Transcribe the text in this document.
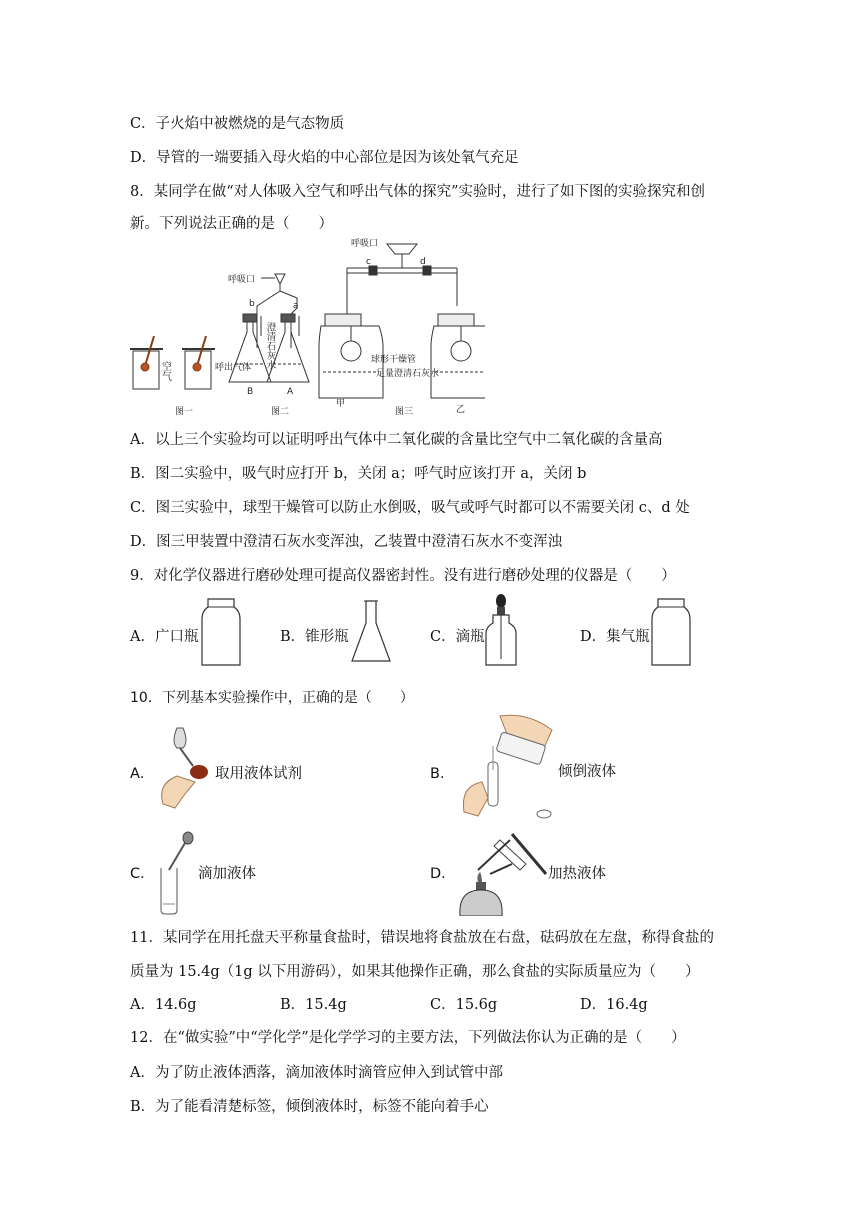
C．子火焰中被燃烧的是气态物质
D．导管的一端要插入母火焰的中心部位是因为该处氧气充足
8．某同学在做“对人体吸入空气和呼出气体的探究”实验时，进行了如下图的实验探究和创
新。下列说法正确的是（　　）
空气	呼出气体
图一
呼吸口
b	a
澄清石灰水
B	A
图二
呼吸口
c	d
球形干燥管
足量澄清石灰水
甲
乙
图三
A．以上三个实验均可以证明呼出气体中二氧化碳的含量比空气中二氧化碳的含量高
B．图二实验中，吸气时应打开 b，关闭 a；呼气时应该打开 a，关闭 b
C．图三实验中，球型干燥管可以防止水倒吸，吸气或呼气时都可以不需要关闭 c、d 处
D．图三甲装置中澄清石灰水变浑浊，乙装置中澄清石灰水不变浑浊
9．对化学仪器进行磨砂处理可提高仪器密封性。没有进行磨砂处理的仪器是（　　）
A．广口瓶	B．锥形瓶	C．滴瓶	D．集气瓶
10．下列基本实验操作中，正确的是（　　）
A．	取用液体试剂	B．	倾倒液体
C．	滴加液体	D．	加热液体
11．某同学在用托盘天平称量食盐时，错误地将食盐放在右盘，砝码放在左盘，称得食盐的
质量为 15.4g（1g 以下用游码），如果其他操作正确，那么食盐的实际质量应为（　　）
A．14.6g	B．15.4g	C．15.6g	D．16.4g
12．在“做实验”中“学化学”是化学学习的主要方法，下列做法你认为正确的是（　　）
A．为了防止液体洒落，滴加液体时滴管应伸入到试管中部
B．为了能看清楚标签，倾倒液体时，标签不能向着手心
